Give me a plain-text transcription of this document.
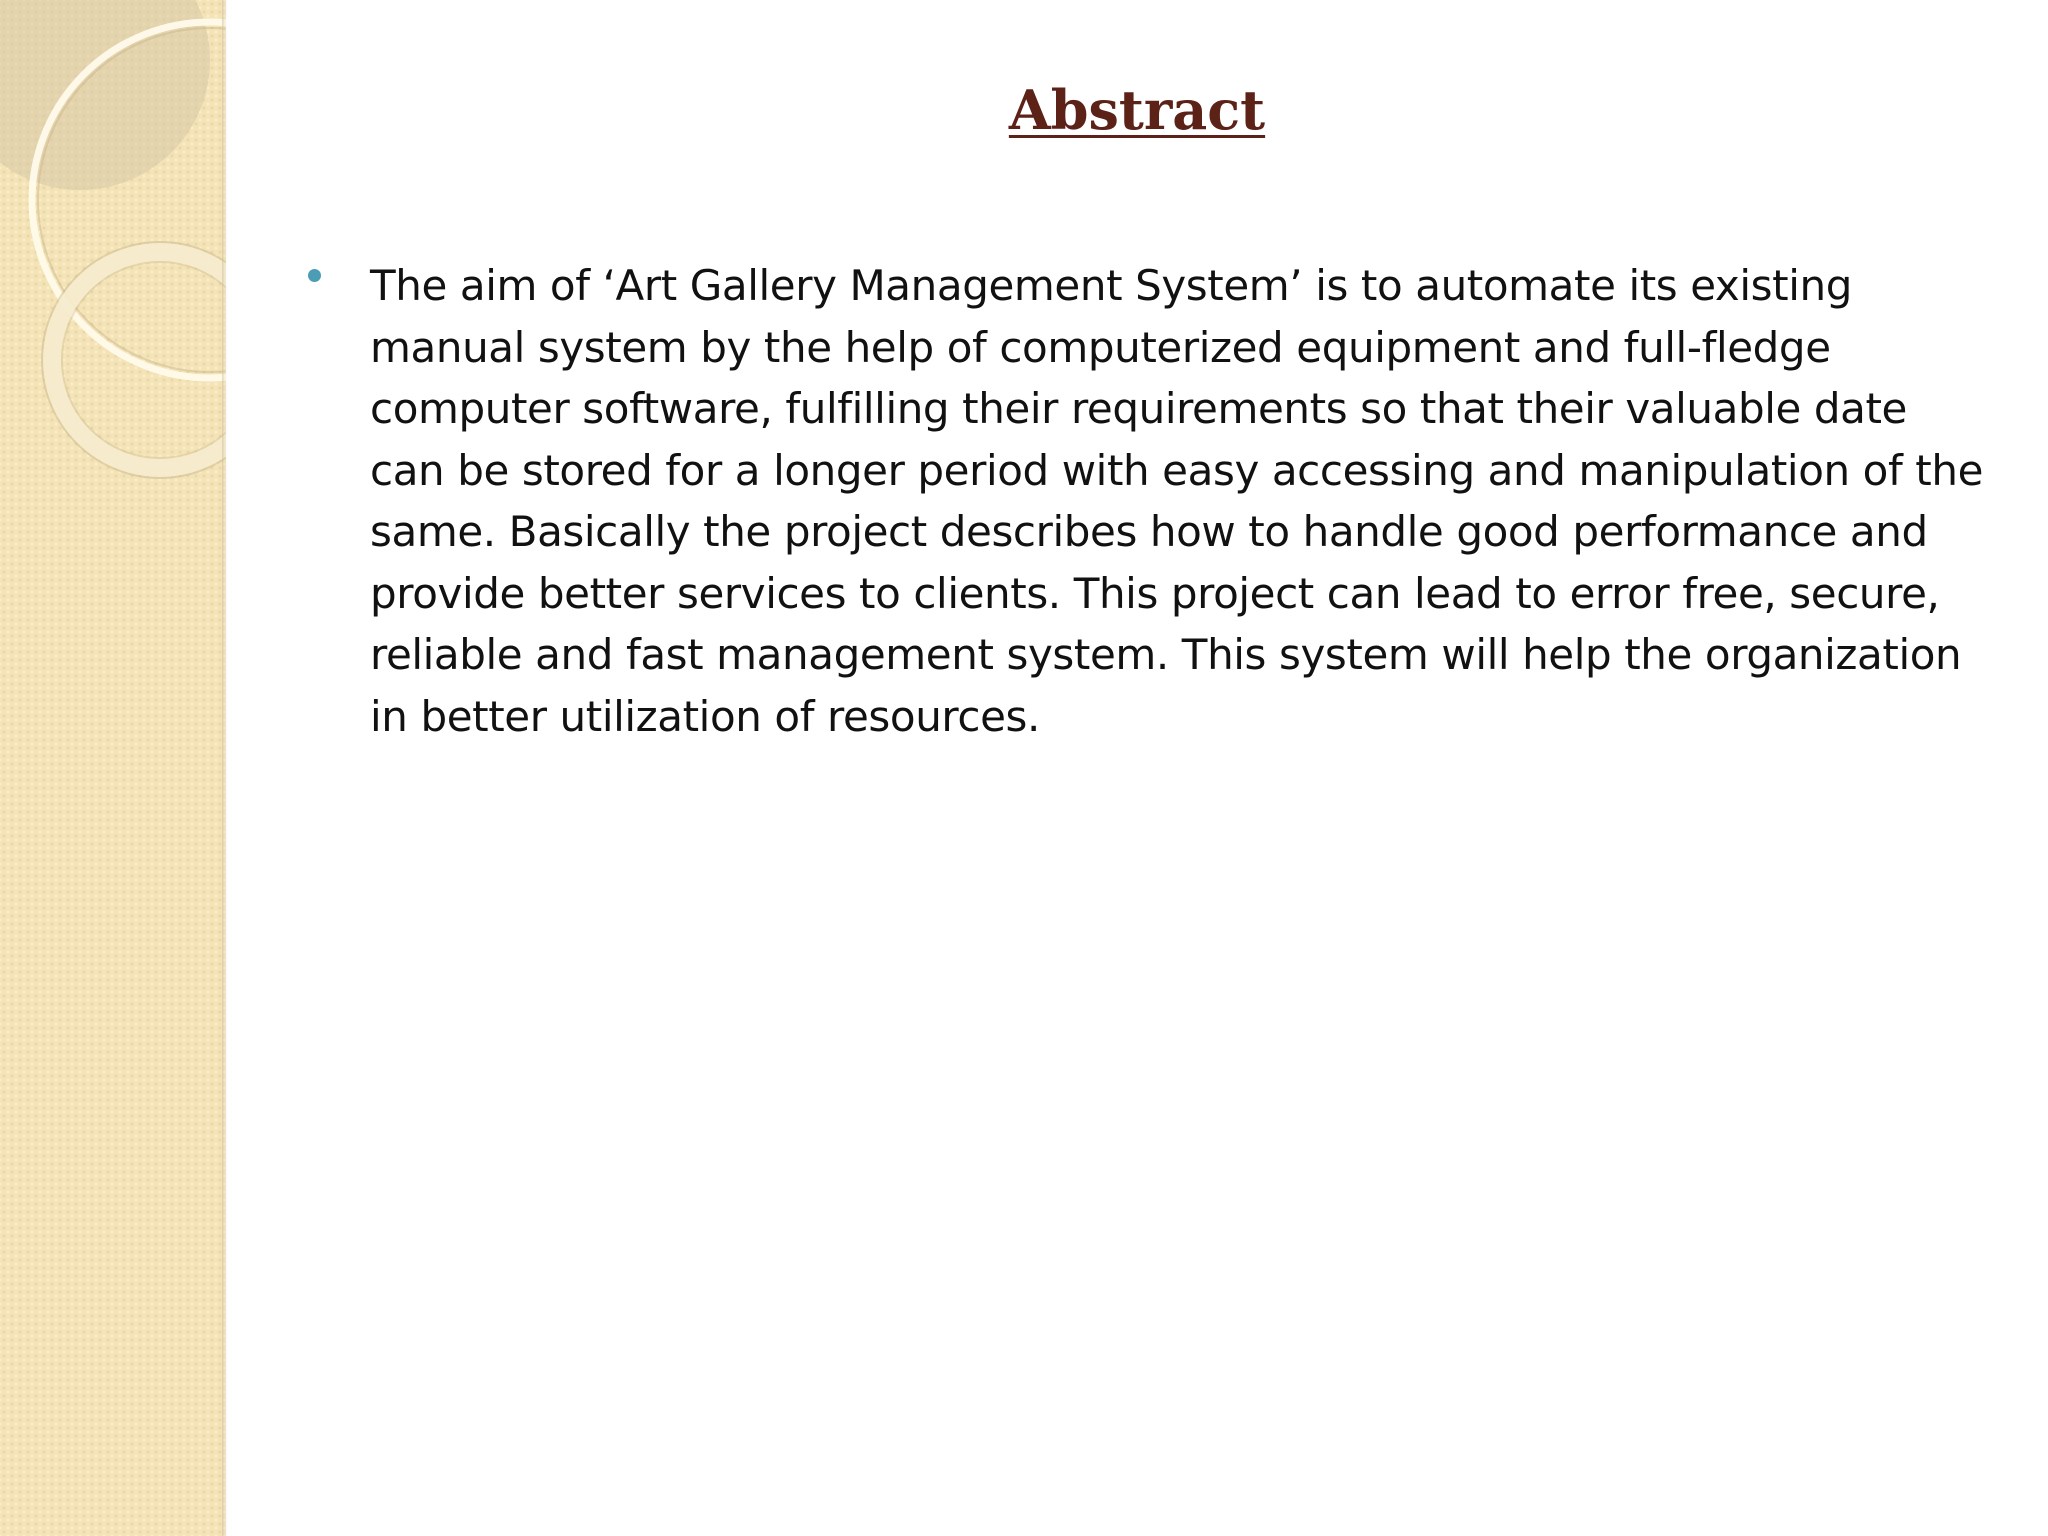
Abstract
The aim of ‘Art Gallery Management System’ is to automate its existing manual system by the help of computerized equipment and full-fledge computer software, fulfilling their requirements so that their valuable date can be stored for a longer period with easy accessing and manipulation of the same. Basically the project describes how to handle good performance and provide better services to clients. This project can lead to error free, secure, reliable and fast management system. This system will help the organization in better utilization of resources.
